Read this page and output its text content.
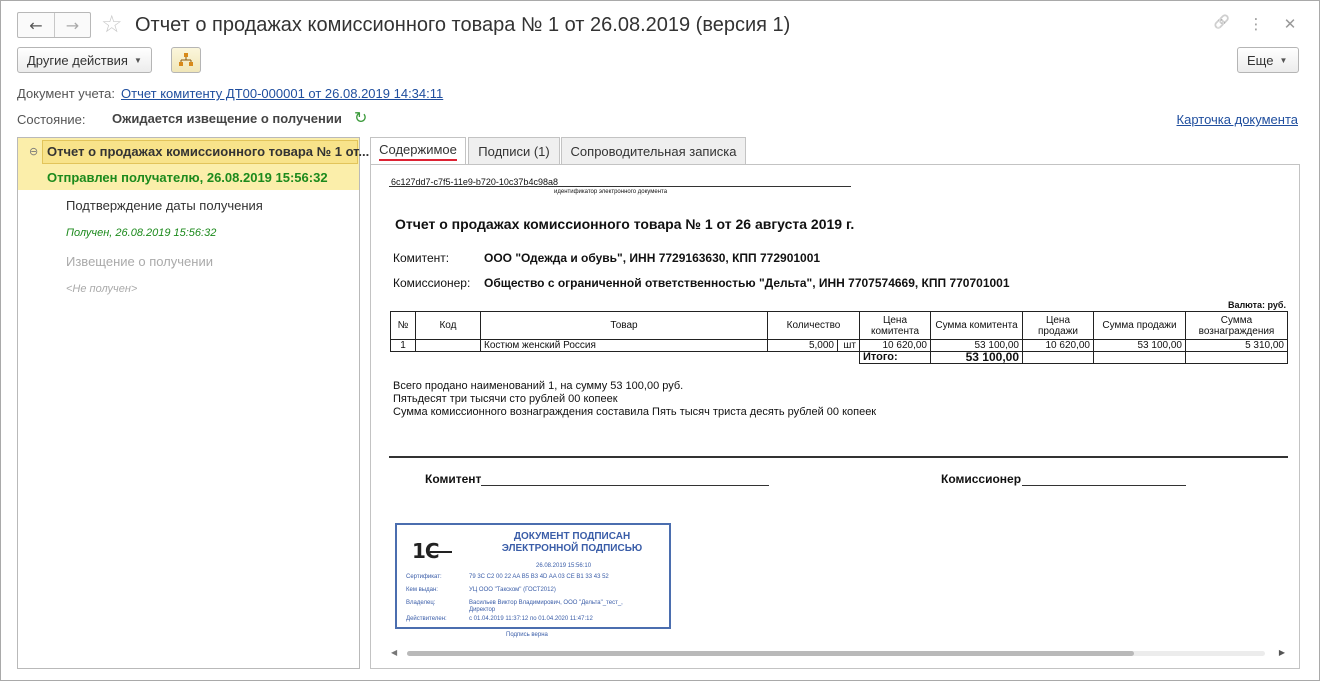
← → ☆ Отчет о продажах комиссионного товара № 1 от 26.08.2019 (версия 1)	🔗 ⋮ ✕
Другие действия ▼	Еще ▼
Документ учета: Отчет комитенту ДТ00-000001 от 26.08.2019 14:34:11
Состояние: Ожидается извещение о получении ↻	Карточка документа
⊖ Отчет о продажах комиссионного товара № 1 от...
Отправлен получателю, 26.08.2019 15:56:32
Подтверждение даты получения
Получен, 26.08.2019 15:56:32
Извещение о получении
<Не получен>
Содержимое Подписи (1) Сопроводительная записка
6c127dd7-c7f5-11e9-b720-10c37b4c98a8
идентификатор электронного документа
Отчет о продажах комиссионного товара № 1 от 26 августа 2019 г.
Комитент:	ООО "Одежда и обувь", ИНН 7729163630, КПП 772901001
Комиссионер: Общество с ограниченной ответственностью "Дельта", ИНН 7707574669, КПП 770701001
Валюта: руб.
№	Код	Товар	Количество		Цена комитента	Сумма комитента	Цена продажи	Сумма продажи	Сумма вознаграждения
1		Костюм женский Россия	5,000	шт	10 620,00	53 100,00	10 620,00	53 100,00	5 310,00
					Итого:	53 100,00			
Всего продано наименований 1, на сумму 53 100,00 руб.
Пятьдесят три тысячи сто рублей 00 копеек
Сумма комиссионного вознаграждения составила Пять тысяч триста десять рублей 00 копеек
Комитент	Комиссионер
1С
ДОКУМЕНТ ПОДПИСАН
ЭЛЕКТРОННОЙ ПОДПИСЬЮ
26.08.2019 15:56:10
Сертификат:	79 3C C2 00 22 AA B5 B3 4D AA 03 CE B1 33 43 52
Кем выдан:	УЦ ООО "Такском" (ГОСТ2012)
Владелец:	Васильев Виктор Владимирович, ООО "Дельта"_тест_,
Директор
Действителен:	с 01.04.2019 11:37:12 по 01.04.2020 11:47:12
Подпись верна
◀	▶
